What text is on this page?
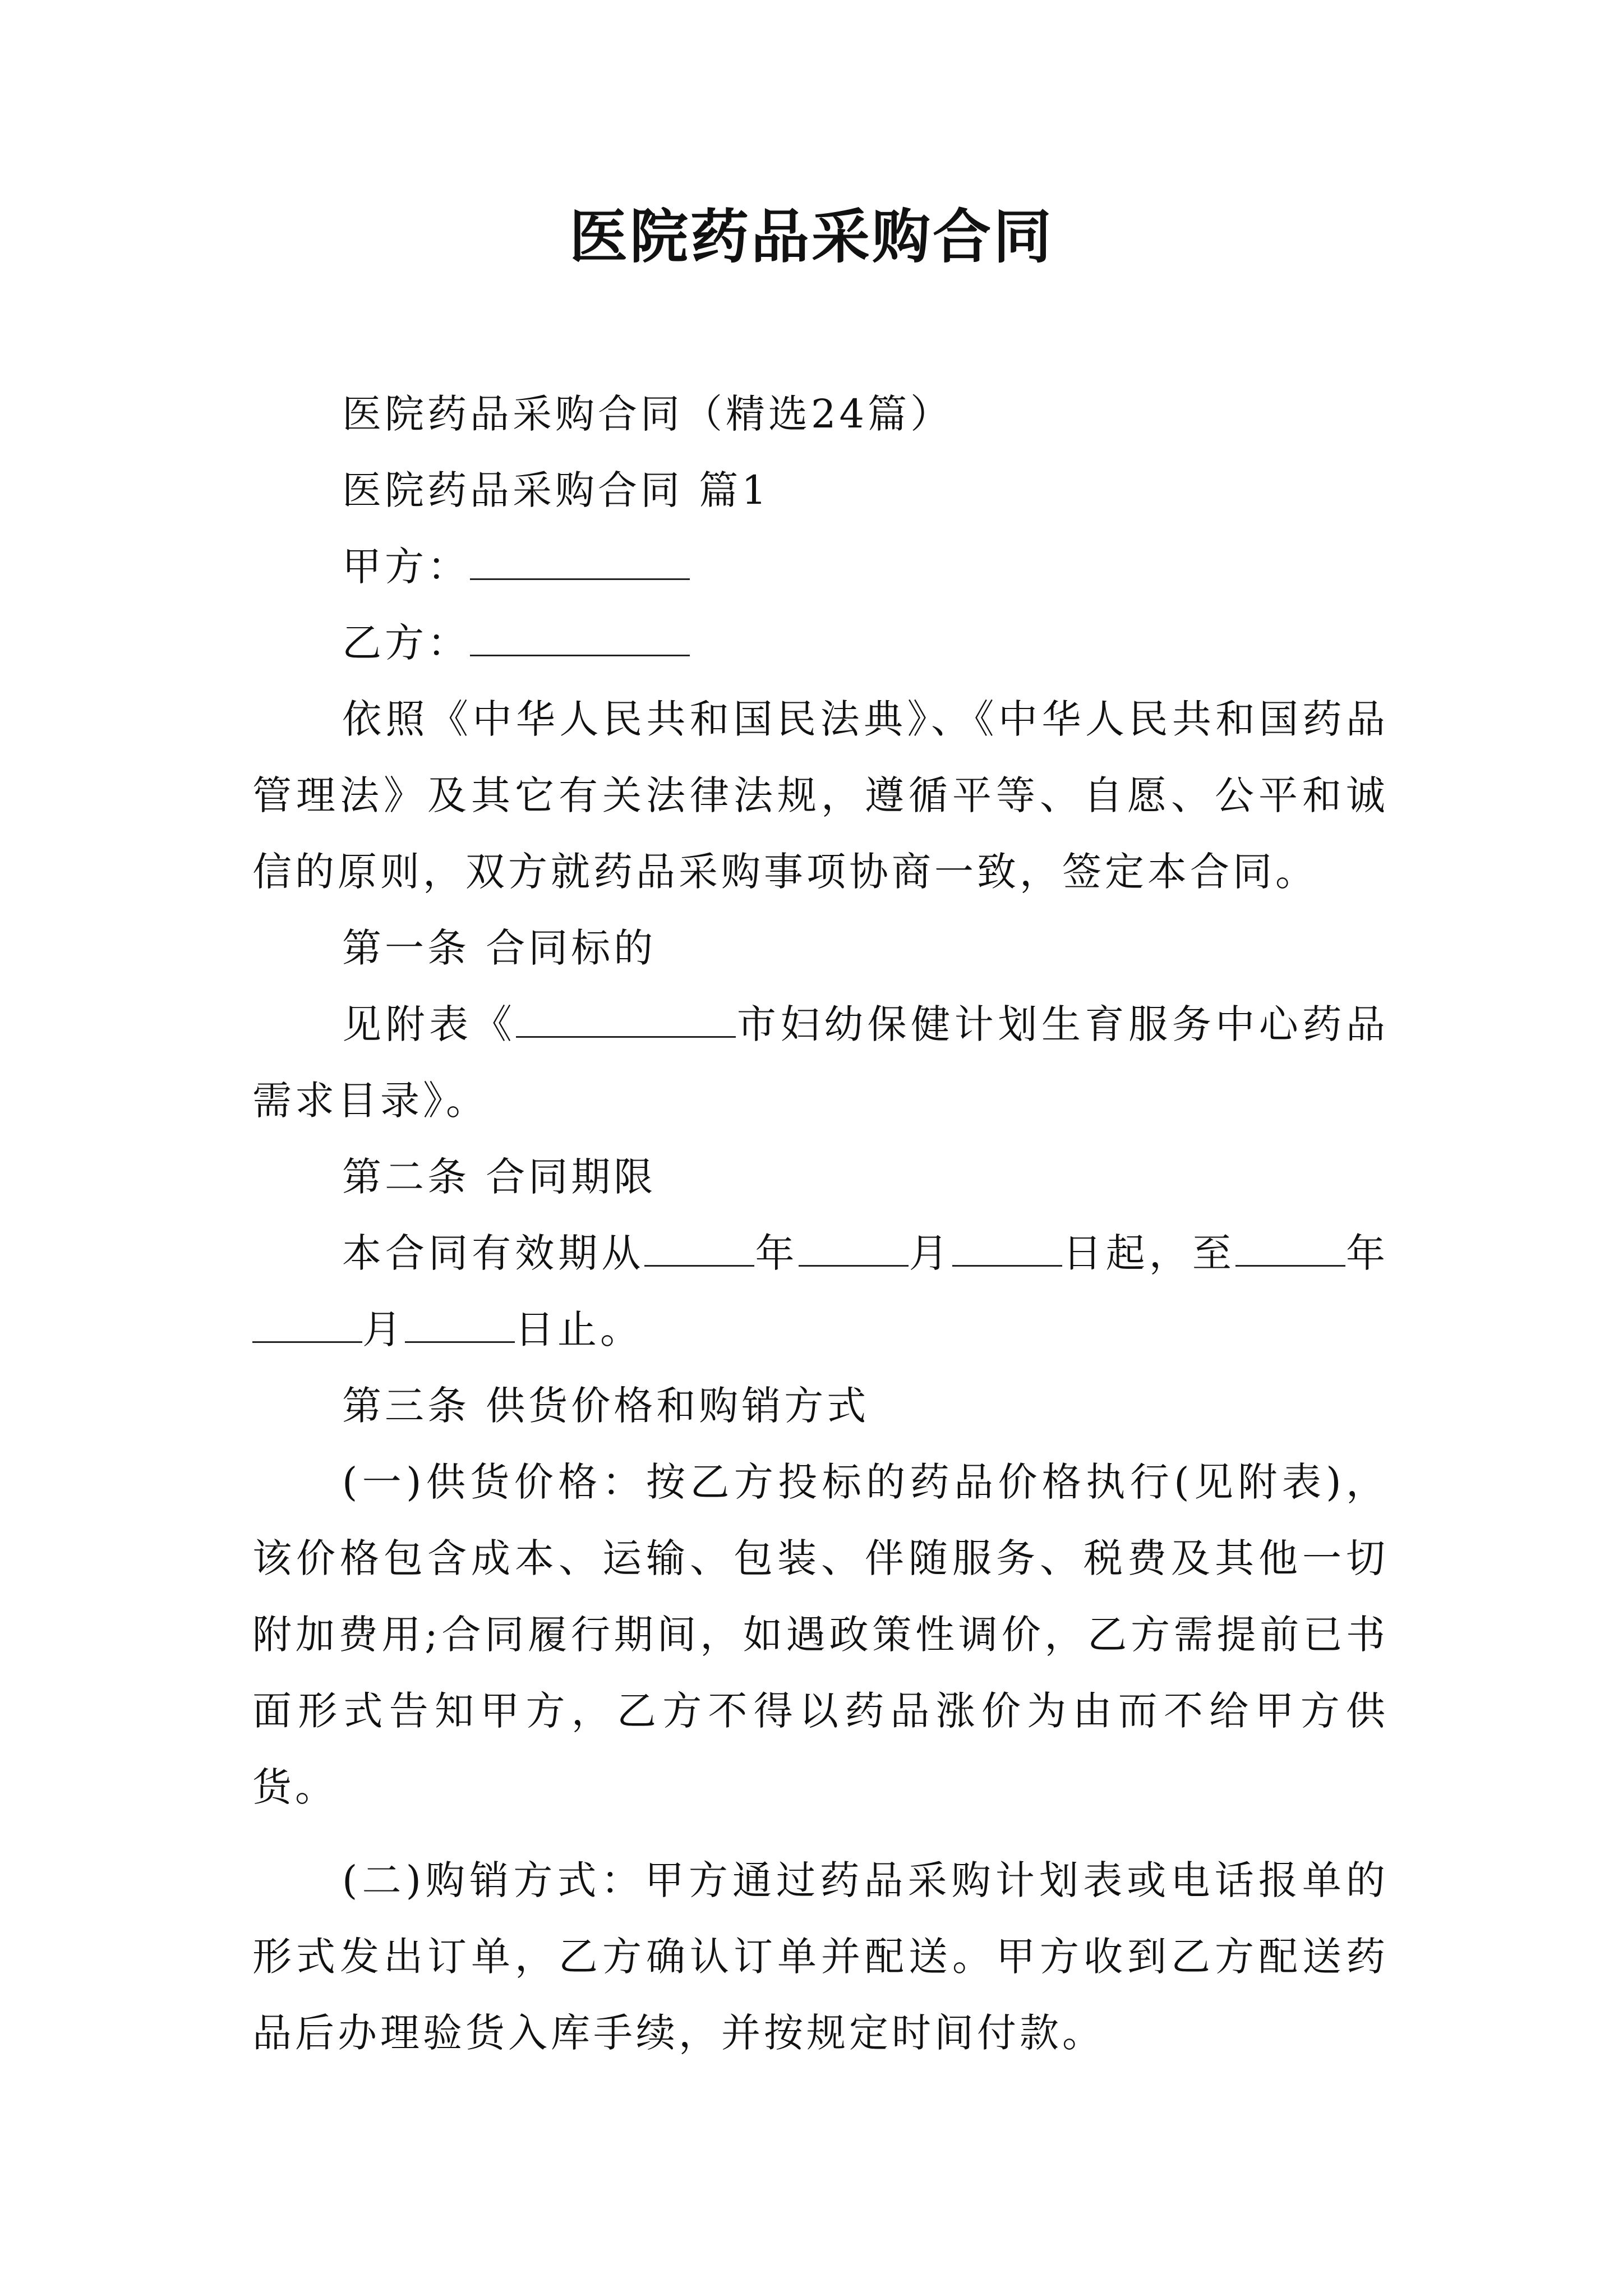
医院药品采购合同

医院药品采购合同（精选24篇）

医院药品采购合同 篇1

甲方：

乙方：

依照《中华人民共和国民法典》、《中华人民共和国药品管理法》及其它有关法律法规，遵循平等、自愿、公平和诚信的原则，双方就药品采购事项协商一致，签定本合同。

第一条 合同标的

见附表《	市妇幼保健计划生育服务中心药品需求目录》。

第二条 合同期限

本合同有效期从	年	月	日起，至	年月	日止。

第三条 供货价格和购销方式

(一)供货价格：按乙方投标的药品价格执行(见附表)，该价格包含成本、运输、包装、伴随服务、税费及其他一切附加费用;合同履行期间，如遇政策性调价，乙方需提前已书面形式告知甲方，乙方不得以药品涨价为由而不给甲方供货。

(二)购销方式：甲方通过药品采购计划表或电话报单的形式发出订单，乙方确认订单并配送。甲方收到乙方配送药品后办理验货入库手续，并按规定时间付款。
